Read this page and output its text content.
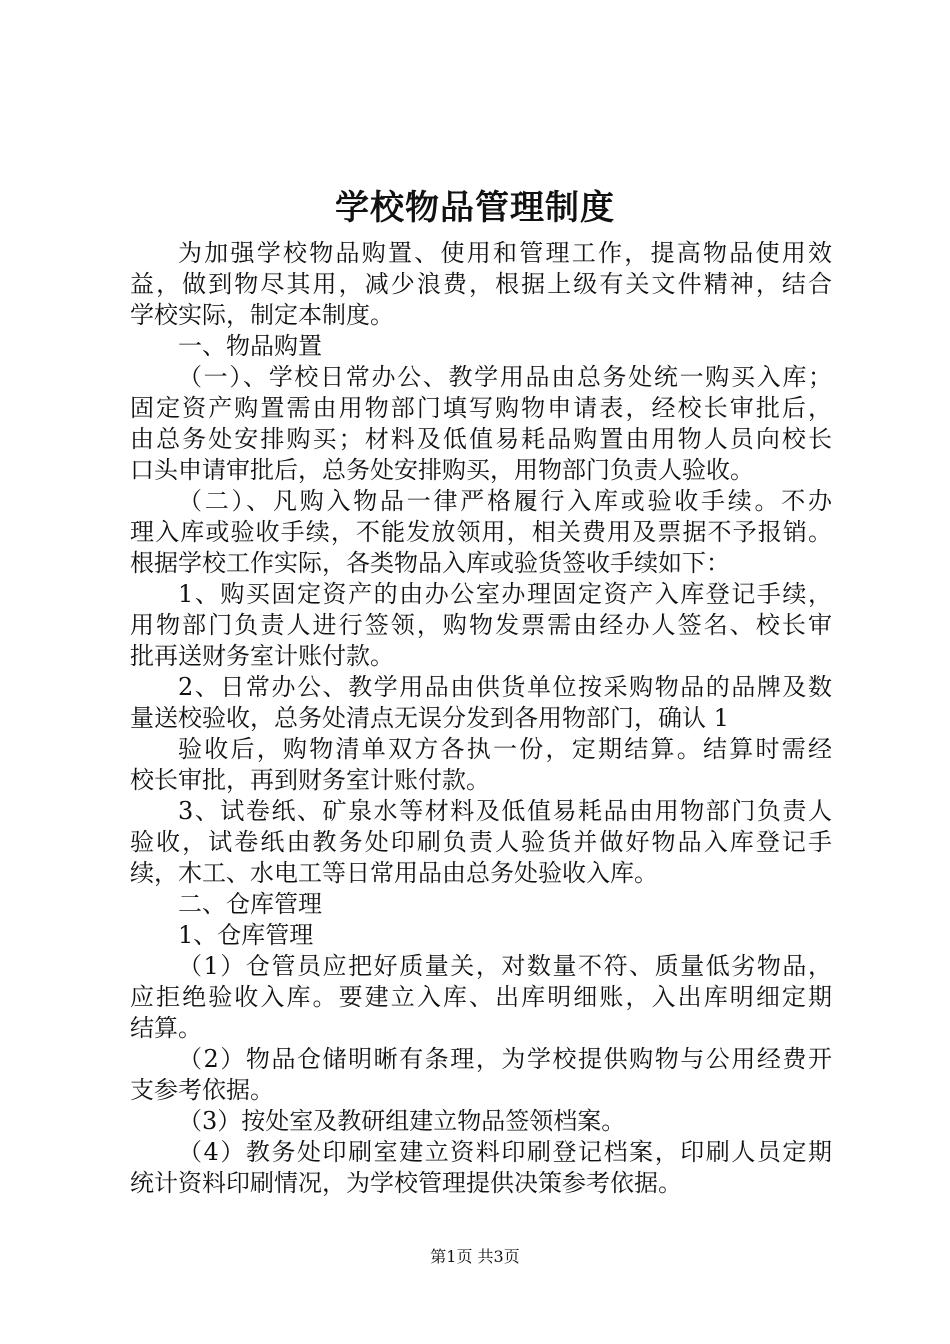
学校物品管理制度
为加强学校物品购置、使用和管理工作，提高物品使用效
益，做到物尽其用，减少浪费，根据上级有关文件精神，结合
学校实际，制定本制度。
一、物品购置
（一）、学校日常办公、教学用品由总务处统一购买入库；
固定资产购置需由用物部门填写购物申请表，经校长审批后，
由总务处安排购买；材料及低值易耗品购置由用物人员向校长
口头申请审批后，总务处安排购买，用物部门负责人验收。
（二）、凡购入物品一律严格履行入库或验收手续。不办
理入库或验收手续，不能发放领用，相关费用及票据不予报销。
根据学校工作实际，各类物品入库或验货签收手续如下：
1、购买固定资产的由办公室办理固定资产入库登记手续，
用物部门负责人进行签领，购物发票需由经办人签名、校长审
批再送财务室计账付款。
2、日常办公、教学用品由供货单位按采购物品的品牌及数
量送校验收，总务处清点无误分发到各用物部门，确认 1
验收后，购物清单双方各执一份，定期结算。结算时需经
校长审批，再到财务室计账付款。
3、试卷纸、矿泉水等材料及低值易耗品由用物部门负责人
验收，试卷纸由教务处印刷负责人验货并做好物品入库登记手
续，木工、水电工等日常用品由总务处验收入库。
二、仓库管理
1、仓库管理
（1）仓管员应把好质量关，对数量不符、质量低劣物品，
应拒绝验收入库。要建立入库、出库明细账，入出库明细定期
结算。
（2）物品仓储明晰有条理，为学校提供购物与公用经费开
支参考依据。
（3）按处室及教研组建立物品签领档案。
（4）教务处印刷室建立资料印刷登记档案，印刷人员定期
统计资料印刷情况，为学校管理提供决策参考依据。
第1页 共3页
